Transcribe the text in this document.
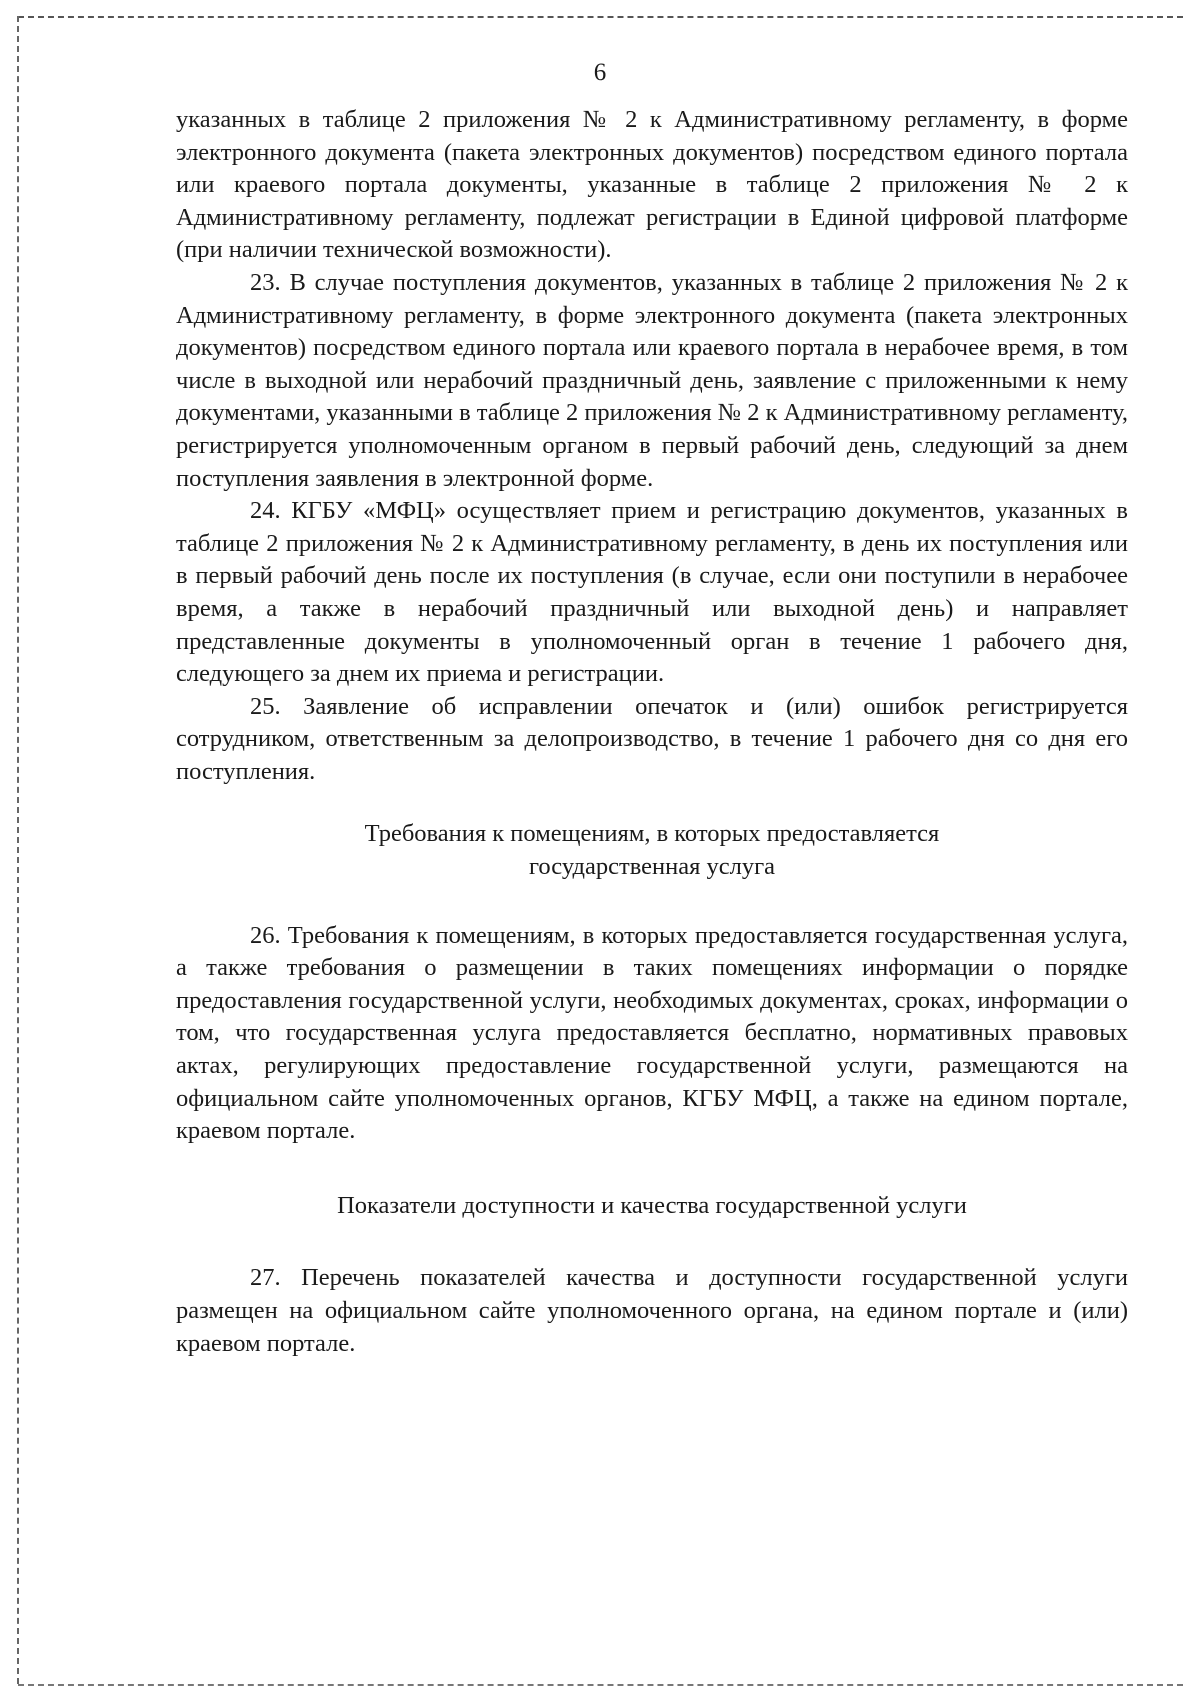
6

указанных в таблице 2 приложения № 2 к Административному регламенту, в форме электронного документа (пакета электронных документов) посредством единого портала или краевого портала документы, указанные в таблице 2 приложения № 2 к Административному регламенту, подлежат регистрации в Единой цифровой платформе (при наличии технической возможности).

23. В случае поступления документов, указанных в таблице 2 приложения № 2 к Административному регламенту, в форме электронного документа (пакета электронных документов) посредством единого портала или краевого портала в нерабочее время, в том числе в выходной или нерабочий праздничный день, заявление с приложенными к нему документами, указанными в таблице 2 приложения № 2 к Административному регламенту, регистрируется уполномоченным органом в первый рабочий день, следующий за днем поступления заявления в электронной форме.

24. КГБУ «МФЦ» осуществляет прием и регистрацию документов, указанных в таблице 2 приложения № 2 к Административному регламенту, в день их поступления или в первый рабочий день после их поступления (в случае, если они поступили в нерабочее время, а также в нерабочий праздничный или выходной день) и направляет представленные документы в уполномоченный орган в течение 1 рабочего дня, следующего за днем их приема и регистрации.

25. Заявление об исправлении опечаток и (или) ошибок регистрируется сотрудником, ответственным за делопроизводство, в течение 1 рабочего дня со дня его поступления.

Требования к помещениям, в которых предоставляется
государственная услуга

26. Требования к помещениям, в которых предоставляется государственная услуга, а также требования о размещении в таких помещениях информации о порядке предоставления государственной услуги, необходимых документах, сроках, информации о том, что государственная услуга предоставляется бесплатно, нормативных правовых актах, регулирующих предоставление государственной услуги, размещаются на официальном сайте уполномоченных органов, КГБУ МФЦ, а также на едином портале, краевом портале.

Показатели доступности и качества государственной услуги

27. Перечень показателей качества и доступности государственной услуги размещен на официальном сайте уполномоченного органа, на едином портале и (или) краевом портале.
